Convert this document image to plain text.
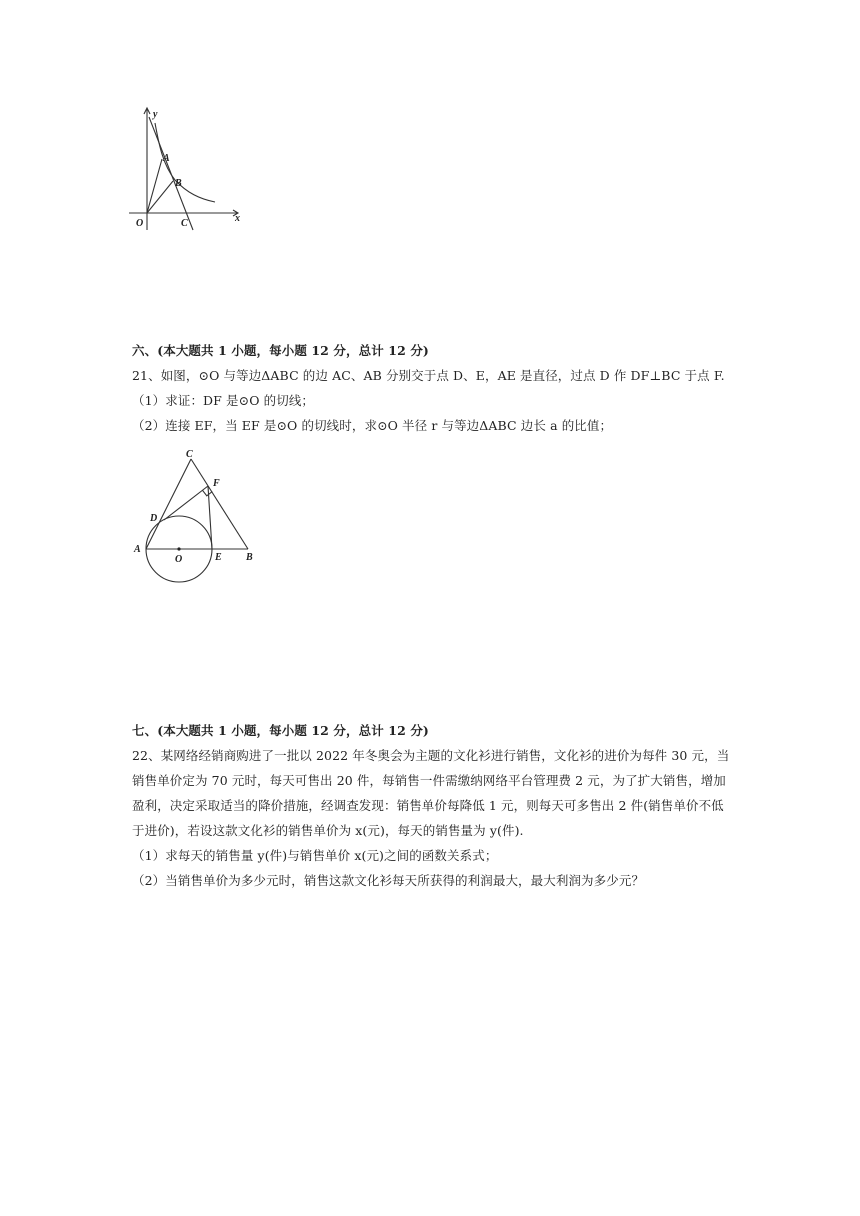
y
x
O
A
B
C
六、(本大题共 1 小题，每小题 12 分，总计 12 分)
21、如图，⊙O 与等边ΔABC 的边 AC、AB 分别交于点 D、E，AE 是直径，过点 D 作 DF⊥BC 于点 F.
（1）求证：DF 是⊙O 的切线；
（2）连接 EF，当 EF 是⊙O 的切线时，求⊙O 半径 r 与等边ΔABC 边长 a 的比值；
C
F
D
A
O	E B
七、(本大题共 1 小题，每小题 12 分，总计 12 分)
22、某网络经销商购进了一批以 2022 年冬奥会为主题的文化衫进行销售，文化衫的进价为每件 30 元，当
销售单价定为 70 元时，每天可售出 20 件，每销售一件需缴纳网络平台管理费 2 元，为了扩大销售，增加
盈利，决定采取适当的降价措施，经调查发现：销售单价每降低 1 元，则每天可多售出 2 件(销售单价不低
于进价)，若设这款文化衫的销售单价为 x(元)，每天的销售量为 y(件).
（1）求每天的销售量 y(件)与销售单价 x(元)之间的函数关系式；
（2）当销售单价为多少元时，销售这款文化衫每天所获得的利润最大，最大利润为多少元？
